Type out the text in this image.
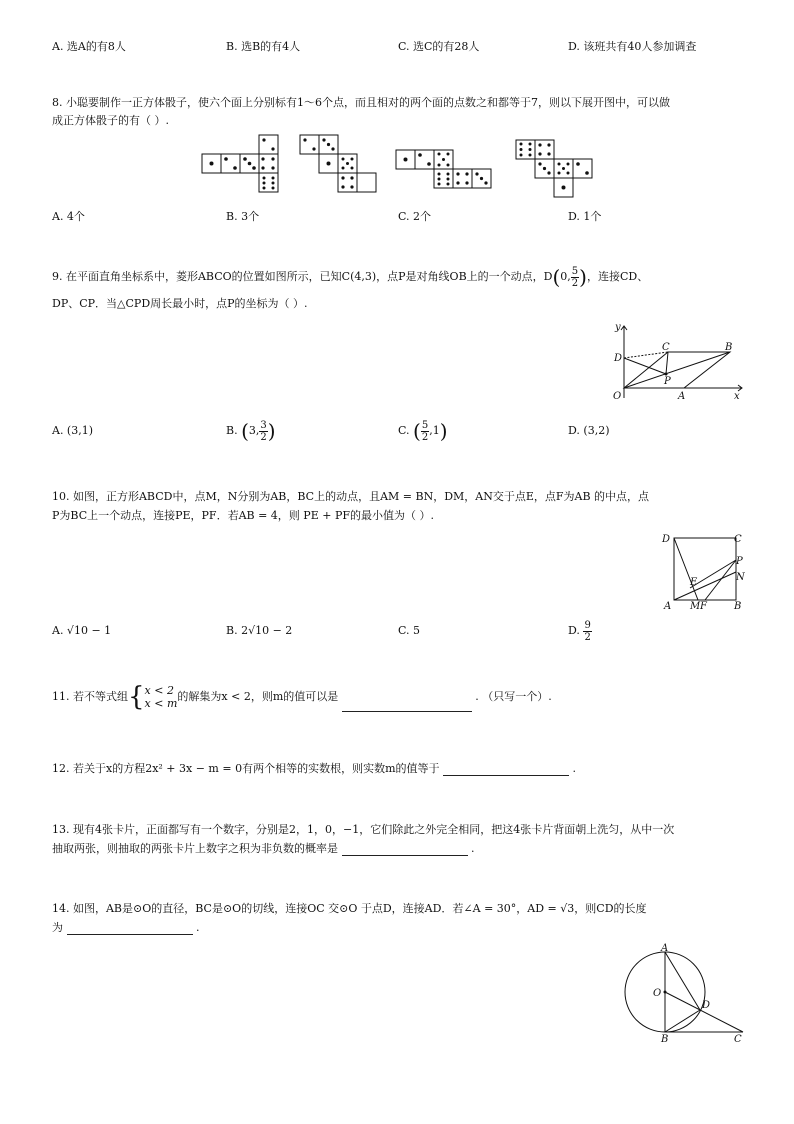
A. 选A的有8人	B. 选B的有4人	C. 选C的有28人	D. 该班共有40人参加调查
8. 小聪要制作一正方体骰子，使六个面上分别标有1～6个点，而且相对的两个面的点数之和都等于7，则以下展开图中，可以做
成正方体骰子的有（ ）.
A. 4个	B. 3个	C. 2个	D. 1个
9. 在平面直角坐标系中，菱形ABCO的位置如图所示，已知C(4,3)，点P是对角线OB上的一个动点，D(0, $\frac{5}{2}$ )，连接CD、
DP、CP．当△CPD周长最小时，点P的坐标为（ ）.
y
x
O	A
B
C
D
P
A. (3,1)	B. (3, $\frac{3}{2}$ )	C. ( $\frac{5}{2} ,1$)	D. (3,2)
10. 如图，正方形ABCD中，点M，N分别为AB，BC上的动点，且AM = BN，DM，AN交于点E，点F为AB 的中点，点
P为BC上一个动点，连接PE，PF．若AB = 4，则 PE + PF的最小值为（ ）.
D	C
P
N
E
A M F	B
A. √10 − 1	B. 2√10 − 2	C. 5	D. $\frac{9}{2}$
11. 若不等式组{ x < 2
x < m
的解集为x < 2，则m的值可以是	. （只写一个）.
12. 若关于x的方程2x² + 3x − m = 0有两个相等的实数根，则实数m的值等于	.
13. 现有4张卡片，正面都写有一个数字，分别是2，1，0，−1，它们除此之外完全相同，把这4张卡片背面朝上洗匀，从中一次
抽取两张，则抽取的两张卡片上数字之积为非负数的概率是	.
14. 如图，AB是⊙O的直径，BC是⊙O的切线，连接OC 交⊙O 于点D，连接AD．若∠A = 30°，AD = √3，则CD的长度
为	.
A
O
D
B	C
